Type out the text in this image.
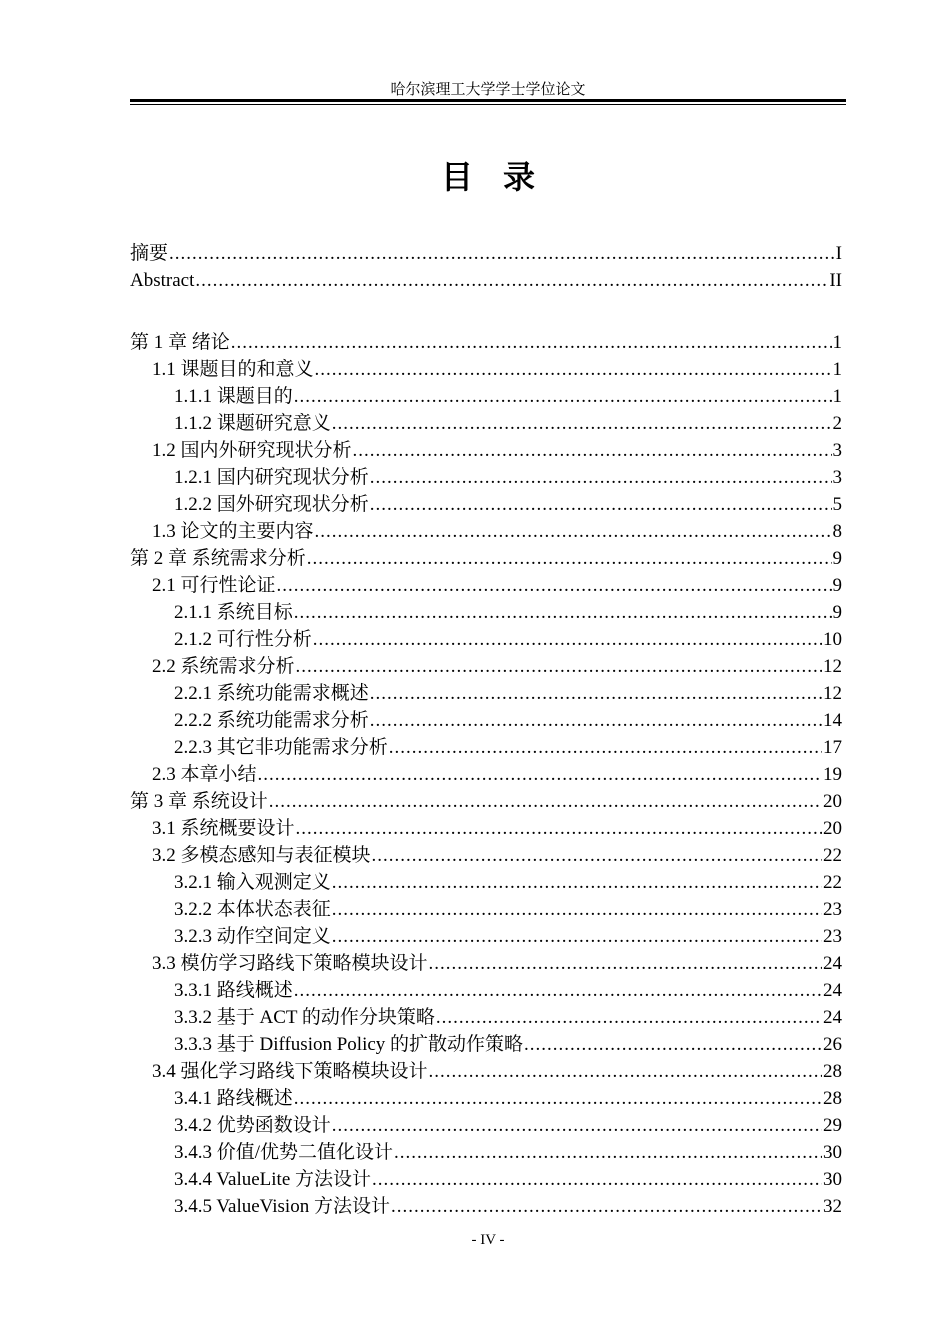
哈尔滨理工大学学士学位论文
目录
摘要 .....	I
Abstract .....	II
第 1 章 绪论 .....	1
1.1 课题目的和意义 .....	1
1.1.1 课题目的 .....	1
1.1.2 课题研究意义 .....	2
1.2 国内外研究现状分析 .....	3
1.2.1 国内研究现状分析 .....	3
1.2.2 国外研究现状分析 .....	5
1.3 论文的主要内容 .....	8
第 2 章 系统需求分析 .....	9
2.1 可行性论证 .....	9
2.1.1 系统目标 .....	9
2.1.2 可行性分析 .....	10
2.2 系统需求分析 .....	12
2.2.1 系统功能需求概述 .....	12
2.2.2 系统功能需求分析 .....	14
2.2.3 其它非功能需求分析 .....	17
2.3 本章小结 .....	19
第 3 章 系统设计 .....	20
3.1 系统概要设计 .....	20
3.2 多模态感知与表征模块 .....	22
3.2.1 输入观测定义 .....	22
3.2.2 本体状态表征 .....	23
3.2.3 动作空间定义 .....	23
3.3 模仿学习路线下策略模块设计 .....	24
3.3.1 路线概述 .....	24
3.3.2 基于 ACT 的动作分块策略 .....	24
3.3.3 基于 Diffusion Policy 的扩散动作策略 .....	26
3.4 强化学习路线下策略模块设计 .....	28
3.4.1 路线概述 .....	28
3.4.2 优势函数设计 .....	29
3.4.3 价值/优势二值化设计 .....	30
3.4.4 ValueLite 方法设计 .....	30
3.4.5 ValueVision 方法设计 .....	32
- IV -
